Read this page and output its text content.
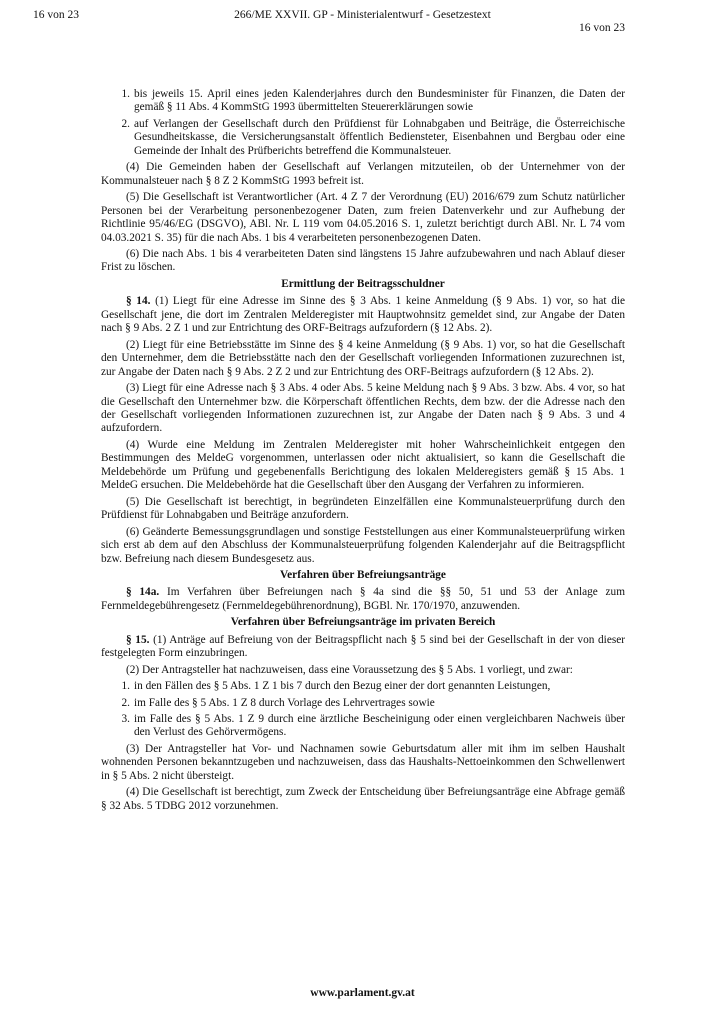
16 von 23	266/ME XXVII. GP - Ministerialentwurf - Gesetzestext
16 von 23
1. bis jeweils 15. April eines jeden Kalenderjahres durch den Bundesminister für Finanzen, die Daten der gemäß § 11 Abs. 4 KommStG 1993 übermittelten Steuererklärungen sowie
2. auf Verlangen der Gesellschaft durch den Prüfdienst für Lohnabgaben und Beiträge, die Österreichische Gesundheitskasse, die Versicherungsanstalt öffentlich Bediensteter, Eisenbahnen und Bergbau oder eine Gemeinde der Inhalt des Prüfberichts betreffend die Kommunalsteuer.

(4) Die Gemeinden haben der Gesellschaft auf Verlangen mitzuteilen, ob der Unternehmer von der Kommunalsteuer nach § 8 Z 2 KommStG 1993 befreit ist.

(5) Die Gesellschaft ist Verantwortlicher (Art. 4 Z 7 der Verordnung (EU) 2016/679 zum Schutz natürlicher Personen bei der Verarbeitung personenbezogener Daten, zum freien Datenverkehr und zur Aufhebung der Richtlinie 95/46/EG (DSGVO), ABl. Nr. L 119 vom 04.05.2016 S. 1, zuletzt berichtigt durch ABl. Nr. L 74 vom 04.03.2021 S. 35) für die nach Abs. 1 bis 4 verarbeiteten personenbezogenen Daten.

(6) Die nach Abs. 1 bis 4 verarbeiteten Daten sind längstens 15 Jahre aufzubewahren und nach Ablauf dieser Frist zu löschen.

Ermittlung der Beitragsschuldner

§ 14. (1) Liegt für eine Adresse im Sinne des § 3 Abs. 1 keine Anmeldung (§ 9 Abs. 1) vor, so hat die Gesellschaft jene, die dort im Zentralen Melderegister mit Hauptwohnsitz gemeldet sind, zur Angabe der Daten nach § 9 Abs. 2 Z 1 und zur Entrichtung des ORF-Beitrags aufzufordern (§ 12 Abs. 2).

(2) Liegt für eine Betriebsstätte im Sinne des § 4 keine Anmeldung (§ 9 Abs. 1) vor, so hat die Gesellschaft den Unternehmer, dem die Betriebsstätte nach den der Gesellschaft vorliegenden Informationen zuzurechnen ist, zur Angabe der Daten nach § 9 Abs. 2 Z 2 und zur Entrichtung des ORF-Beitrags aufzufordern (§ 12 Abs. 2).

(3) Liegt für eine Adresse nach § 3 Abs. 4 oder Abs. 5 keine Meldung nach § 9 Abs. 3 bzw. Abs. 4 vor, so hat die Gesellschaft den Unternehmer bzw. die Körperschaft öffentlichen Rechts, dem bzw. der die Adresse nach den der Gesellschaft vorliegenden Informationen zuzurechnen ist, zur Angabe der Daten nach § 9 Abs. 3 und 4 aufzufordern.

(4) Wurde eine Meldung im Zentralen Melderegister mit hoher Wahrscheinlichkeit entgegen den Bestimmungen des MeldeG vorgenommen, unterlassen oder nicht aktualisiert, so kann die Gesellschaft die Meldebehörde um Prüfung und gegebenenfalls Berichtigung des lokalen Melderegisters gemäß § 15 Abs. 1 MeldeG ersuchen. Die Meldebehörde hat die Gesellschaft über den Ausgang der Verfahren zu informieren.

(5) Die Gesellschaft ist berechtigt, in begründeten Einzelfällen eine Kommunalsteuerprüfung durch den Prüfdienst für Lohnabgaben und Beiträge anzufordern.

(6) Geänderte Bemessungsgrundlagen und sonstige Feststellungen aus einer Kommunalsteuerprüfung wirken sich erst ab dem auf den Abschluss der Kommunalsteuerprüfung folgenden Kalenderjahr auf die Beitragspflicht bzw. Befreiung nach diesem Bundesgesetz aus.

Verfahren über Befreiungsanträge

§ 14a. Im Verfahren über Befreiungen nach § 4a sind die §§ 50, 51 und 53 der Anlage zum Fernmeldegebührengesetz (Fernmeldegebührenordnung), BGBl. Nr. 170/1970, anzuwenden.

Verfahren über Befreiungsanträge im privaten Bereich

§ 15. (1) Anträge auf Befreiung von der Beitragspflicht nach § 5 sind bei der Gesellschaft in der von dieser festgelegten Form einzubringen.

(2) Der Antragsteller hat nachzuweisen, dass eine Voraussetzung des § 5 Abs. 1 vorliegt, und zwar:

1. in den Fällen des § 5 Abs. 1 Z 1 bis 7 durch den Bezug einer der dort genannten Leistungen,
2. im Falle des § 5 Abs. 1 Z 8 durch Vorlage des Lehrvertrages sowie
3. im Falle des § 5 Abs. 1 Z 9 durch eine ärztliche Bescheinigung oder einen vergleichbaren Nachweis über den Verlust des Gehörvermögens.

(3) Der Antragsteller hat Vor- und Nachnamen sowie Geburtsdatum aller mit ihm im selben Haushalt wohnenden Personen bekanntzugeben und nachzuweisen, dass das Haushalts-Nettoeinkommen den Schwellenwert in § 5 Abs. 2 nicht übersteigt.

(4) Die Gesellschaft ist berechtigt, zum Zweck der Entscheidung über Befreiungsanträge eine Abfrage gemäß § 32 Abs. 5 TDBG 2012 vorzunehmen.

www.parlament.gv.at
